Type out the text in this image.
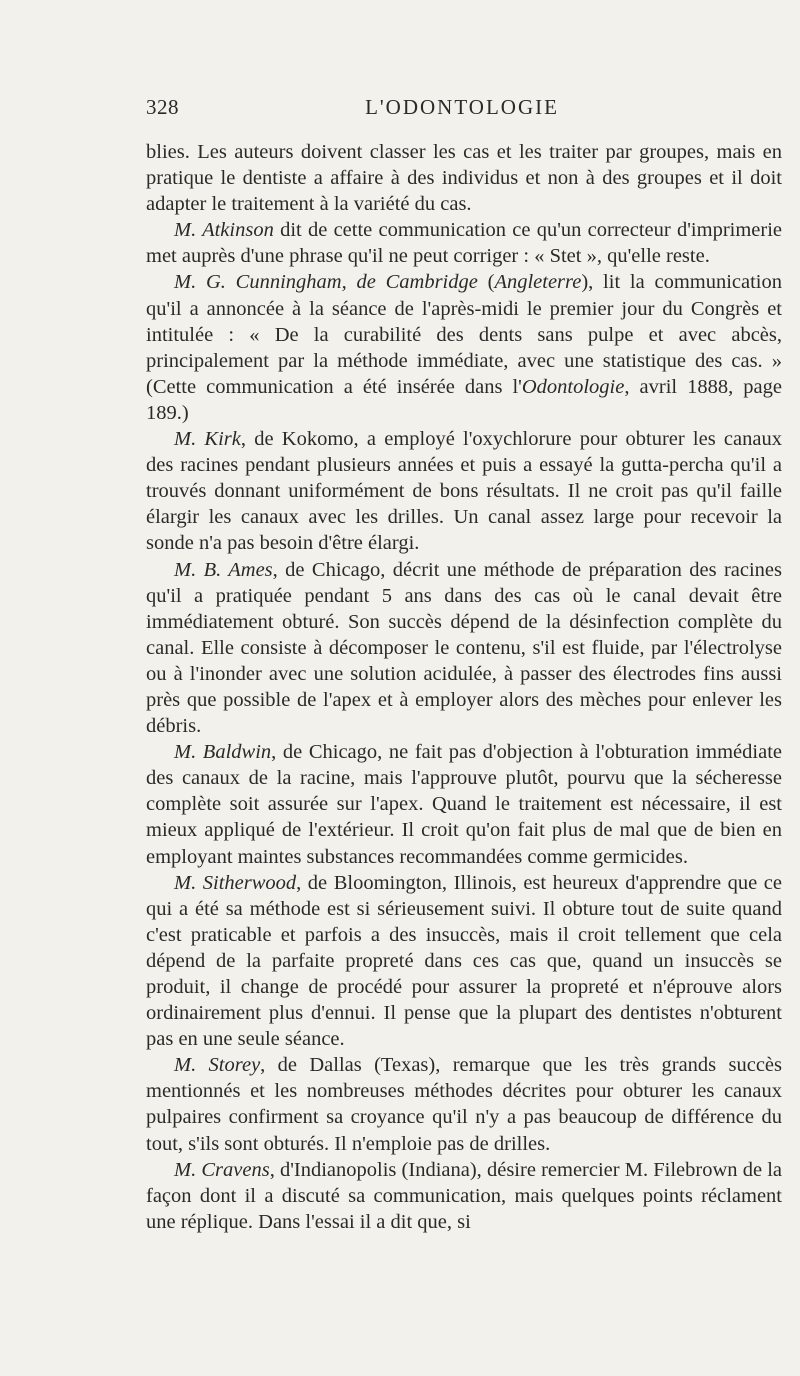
328	L'ODONTOLOGIE

blies. Les auteurs doivent classer les cas et les traiter par groupes, mais en pratique le dentiste a affaire à des individus et non à des groupes et il doit adapter le traitement à la variété du cas.

M. Atkinson dit de cette communication ce qu'un correcteur d'imprimerie met auprès d'une phrase qu'il ne peut corriger : « Stet », qu'elle reste.

M. G. Cunningham, de Cambridge (Angleterre), lit la communication qu'il a annoncée à la séance de l'après-midi le premier jour du Congrès et intitulée : « De la curabilité des dents sans pulpe et avec abcès, principalement par la méthode immédiate, avec une statistique des cas. » (Cette communication a été insérée dans l'Odontologie, avril 1888, page 189.)

M. Kirk, de Kokomo, a employé l'oxychlorure pour obturer les canaux des racines pendant plusieurs années et puis a essayé la gutta-percha qu'il a trouvés donnant uniformément de bons résultats. Il ne croit pas qu'il faille élargir les canaux avec les drilles. Un canal assez large pour recevoir la sonde n'a pas besoin d'être élargi.

M. B. Ames, de Chicago, décrit une méthode de préparation des racines qu'il a pratiquée pendant 5 ans dans des cas où le canal devait être immédiatement obturé. Son succès dépend de la désinfection complète du canal. Elle consiste à décomposer le contenu, s'il est fluide, par l'électrolyse ou à l'inonder avec une solution acidulée, à passer des électrodes fins aussi près que possible de l'apex et à employer alors des mèches pour enlever les débris.

M. Baldwin, de Chicago, ne fait pas d'objection à l'obturation immédiate des canaux de la racine, mais l'approuve plutôt, pourvu que la sécheresse complète soit assurée sur l'apex. Quand le traitement est nécessaire, il est mieux appliqué de l'extérieur. Il croit qu'on fait plus de mal que de bien en employant maintes substances recommandées comme germicides.

M. Sitherwood, de Bloomington, Illinois, est heureux d'apprendre que ce qui a été sa méthode est si sérieusement suivi. Il obture tout de suite quand c'est praticable et parfois a des insuccès, mais il croit tellement que cela dépend de la parfaite propreté dans ces cas que, quand un insuccès se produit, il change de procédé pour assurer la propreté et n'éprouve alors ordinairement plus d'ennui. Il pense que la plupart des dentistes n'obturent pas en une seule séance.

M. Storey, de Dallas (Texas), remarque que les très grands succès mentionnés et les nombreuses méthodes décrites pour obturer les canaux pulpaires confirment sa croyance qu'il n'y a pas beaucoup de différence du tout, s'ils sont obturés. Il n'emploie pas de drilles.

M. Cravens, d'Indianopolis (Indiana), désire remercier M. Filebrown de la façon dont il a discuté sa communication, mais quelques points réclament une réplique. Dans l'essai il a dit que, si
